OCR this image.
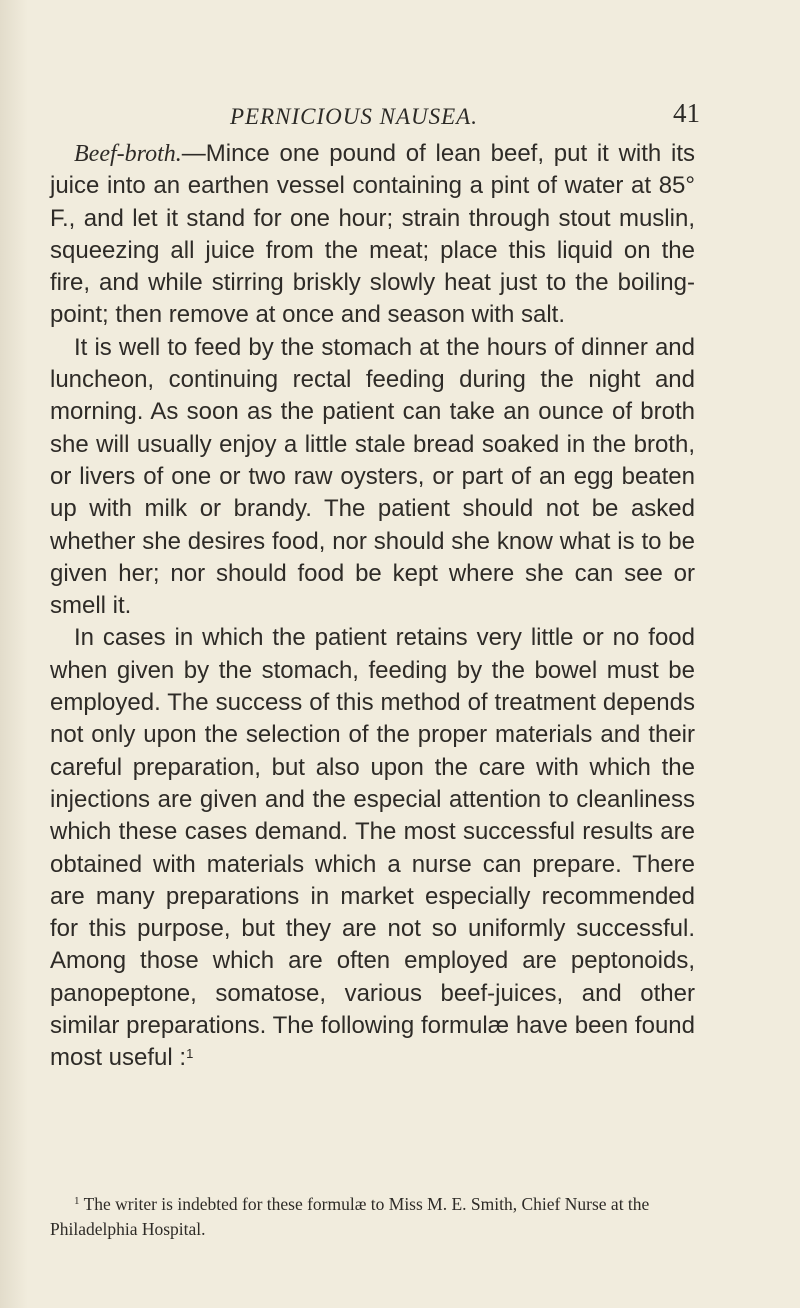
PERNICIOUS NAUSEA.	41

Beef-broth.—Mince one pound of lean beef, put it with its juice into an earthen vessel containing a pint of water at 85° F., and let it stand for one hour; strain through stout muslin, squeezing all juice from the meat; place this liquid on the fire, and while stirring briskly slowly heat just to the boiling-point; then remove at once and season with salt.

It is well to feed by the stomach at the hours of dinner and luncheon, continuing rectal feeding during the night and morning. As soon as the patient can take an ounce of broth she will usually enjoy a little stale bread soaked in the broth, or livers of one or two raw oysters, or part of an egg beaten up with milk or brandy. The patient should not be asked whether she desires food, nor should she know what is to be given her; nor should food be kept where she can see or smell it.

In cases in which the patient retains very little or no food when given by the stomach, feeding by the bowel must be employed. The success of this method of treatment depends not only upon the selection of the proper materials and their careful preparation, but also upon the care with which the injections are given and the especial attention to cleanliness which these cases demand. The most successful results are obtained with materials which a nurse can prepare. There are many preparations in market especially recommended for this purpose, but they are not so uniformly successful. Among those which are often employed are peptonoids, panopeptone, somatose, various beef-juices, and other similar preparations. The following formulæ have been found most useful :$^1$

$^1$ The writer is indebted for these formulæ to Miss M. E. Smith, Chief Nurse at the Philadelphia Hospital.
